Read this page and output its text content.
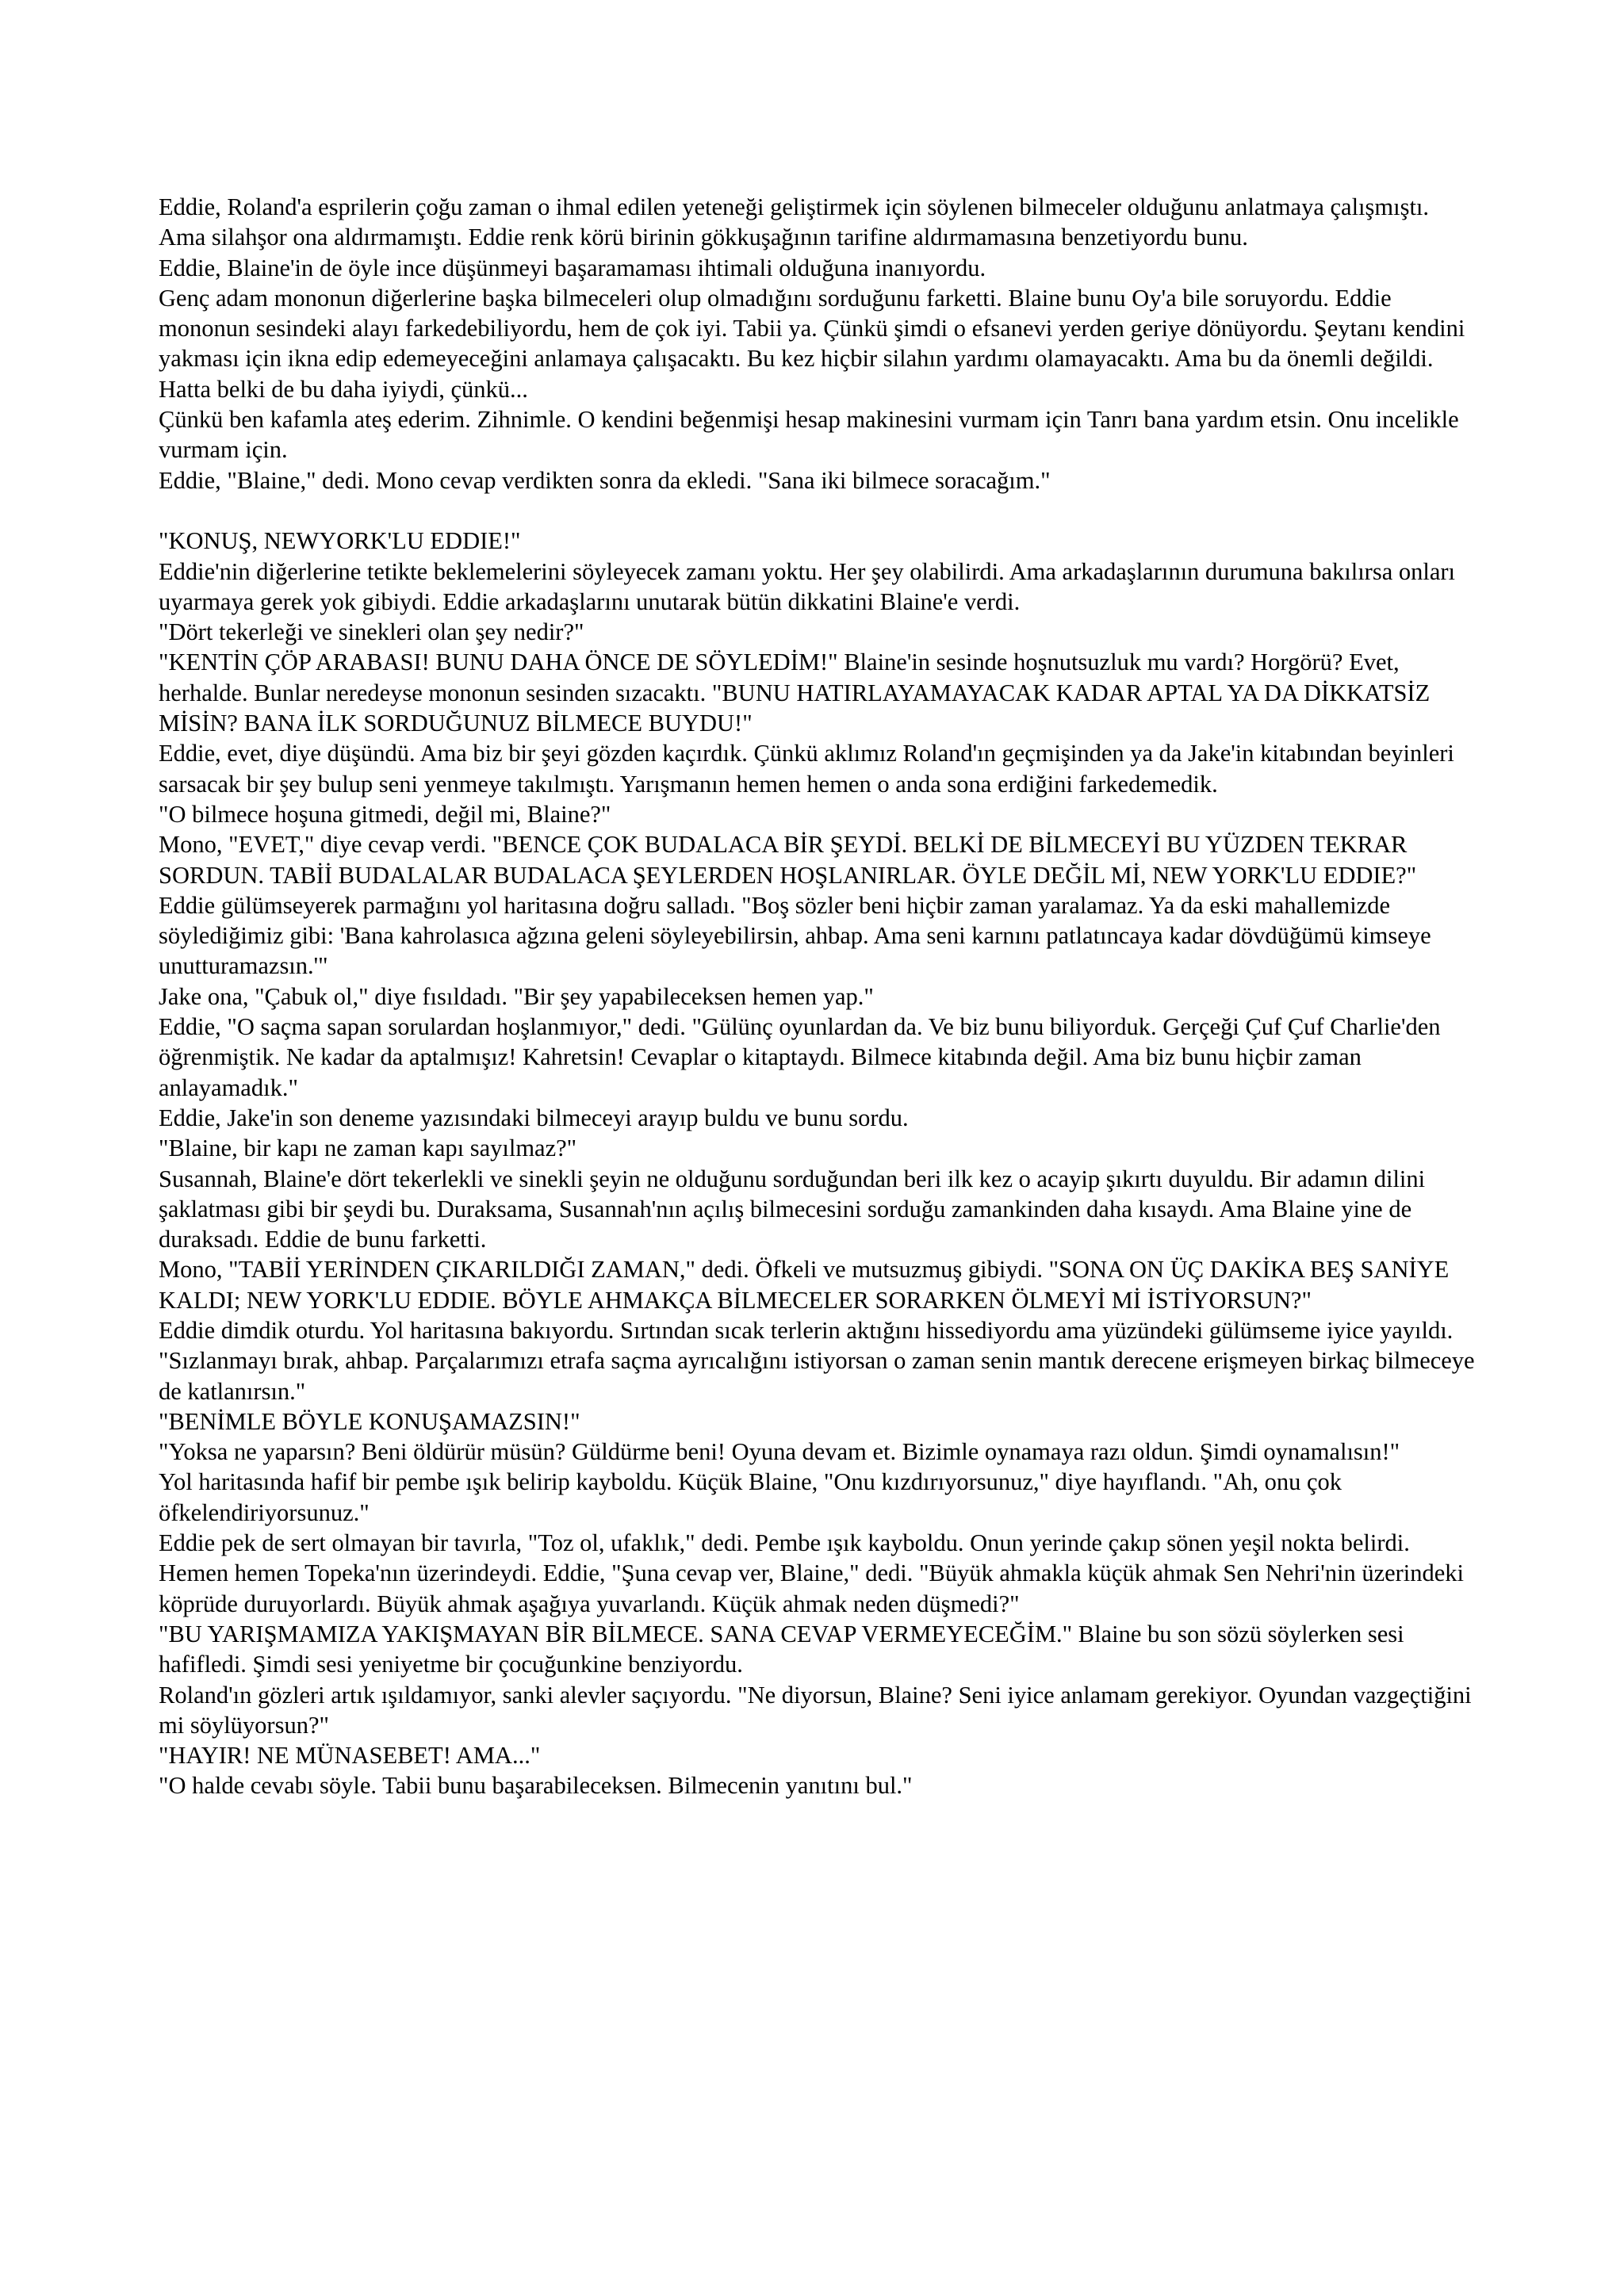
Eddie, Roland'a esprilerin çoğu zaman o ihmal edilen yeteneği geliştirmek için söylenen bilmeceler olduğunu anlatmaya çalışmıştı. Ama silahşor ona aldırmamıştı. Eddie renk körü birinin gökkuşağının tarifine aldırmamasına benzetiyordu bunu.

Eddie, Blaine'in de öyle ince düşünmeyi başaramaması ihtimali olduğuna inanıyordu.

Genç adam mononun diğerlerine başka bilmeceleri olup olmadığını sorduğunu farketti. Blaine bunu Oy'a bile soruyordu. Eddie mononun sesindeki alayı farkedebiliyordu, hem de çok iyi. Tabii ya. Çünkü şimdi o efsanevi yerden geriye dönüyordu. Şeytanı kendini yakması için ikna edip edemeyeceğini anlamaya çalışacaktı. Bu kez hiçbir silahın yardımı olamayacaktı. Ama bu da önemli değildi. Hatta belki de bu daha iyiydi, çünkü...

Çünkü ben kafamla ateş ederim. Zihnimle. O kendini beğenmişi hesap makinesini vurmam için Tanrı bana yardım etsin. Onu incelikle vurmam için.

Eddie, "Blaine," dedi. Mono cevap verdikten sonra da ekledi. "Sana iki bilmece soracağım."

"KONUŞ, NEWYORK'LU EDDIE!"

Eddie'nin diğerlerine tetikte beklemelerini söyleyecek zamanı yoktu. Her şey olabilirdi. Ama arkadaşlarının durumuna bakılırsa onları uyarmaya gerek yok gibiydi. Eddie arkadaşlarını unutarak bütün dikkatini Blaine'e verdi.

"Dört tekerleği ve sinekleri olan şey nedir?"

"KENTİN ÇÖP ARABASI! BUNU DAHA ÖNCE DE SÖYLEDİM!" Blaine'in sesinde hoşnutsuzluk mu vardı? Horgörü? Evet, herhalde. Bunlar neredeyse mononun sesinden sızacaktı. "BUNU HATIRLAYAMAYACAK KADAR APTAL YA DA DİKKATSİZ MİSİN? BANA İLK SORDUĞUNUZ BİLMECE BUYDU!"

Eddie, evet, diye düşündü. Ama biz bir şeyi gözden kaçırdık. Çünkü aklımız Roland'ın geçmişinden ya da Jake'in kitabından beyinleri sarsacak bir şey bulup seni yenmeye takılmıştı. Yarışmanın hemen hemen o anda sona erdiğini farkedemedik.

"O bilmece hoşuna gitmedi, değil mi, Blaine?"

Mono, "EVET," diye cevap verdi. "BENCE ÇOK BUDALACA BİR ŞEYDİ. BELKİ DE BİLMECEYİ BU YÜZDEN TEKRAR SORDUN. TABİİ BUDALALAR BUDALACA ŞEYLERDEN HOŞLANIRLAR. ÖYLE DEĞİL Mİ, NEW YORK'LU EDDIE?"

Eddie gülümseyerek parmağını yol haritasına doğru salladı. "Boş sözler beni hiçbir zaman yaralamaz. Ya da eski mahallemizde söylediğimiz gibi: 'Bana kahrolasıca ağzına geleni söyleyebilirsin, ahbap. Ama seni karnını patlatıncaya kadar dövdüğümü kimseye unutturamazsın.'"

Jake ona, "Çabuk ol," diye fısıldadı. "Bir şey yapabileceksen hemen yap."

Eddie, "O saçma sapan sorulardan hoşlanmıyor," dedi. "Gülünç oyunlardan da. Ve biz bunu biliyorduk. Gerçeği Çuf Çuf Charlie'den öğrenmiştik. Ne kadar da aptalmışız! Kahretsin! Cevaplar o kitaptaydı. Bilmece kitabında değil. Ama biz bunu hiçbir zaman anlayamadık."

Eddie, Jake'in son deneme yazısındaki bilmeceyi arayıp buldu ve bunu sordu.

"Blaine, bir kapı ne zaman kapı sayılmaz?"

Susannah, Blaine'e dört tekerlekli ve sinekli şeyin ne olduğunu sorduğundan beri ilk kez o acayip şıkırtı duyuldu. Bir adamın dilini şaklatması gibi bir şeydi bu. Duraksama, Susannah'nın açılış bilmecesini sorduğu zamankinden daha kısaydı. Ama Blaine yine de duraksadı. Eddie de bunu farketti.

Mono, "TABİİ YERİNDEN ÇIKARILDIĞI ZAMAN," dedi. Öfkeli ve mutsuzmuş gibiydi. "SONA ON ÜÇ DAKİKA BEŞ SANİYE KALDI; NEW YORK'LU EDDIE. BÖYLE AHMAKÇA BİLMECELER SORARKEN ÖLMEYİ Mİ İSTİYORSUN?"

Eddie dimdik oturdu. Yol haritasına bakıyordu. Sırtından sıcak terlerin aktığını hissediyordu ama yüzündeki gülümseme iyice yayıldı.

"Sızlanmayı bırak, ahbap. Parçalarımızı etrafa saçma ayrıcalığını istiyorsan o zaman senin mantık derecene erişmeyen birkaç bilmeceye de katlanırsın."

"BENİMLE BÖYLE KONUŞAMAZSIN!"

"Yoksa ne yaparsın? Beni öldürür müsün? Güldürme beni! Oyuna devam et. Bizimle oynamaya razı oldun. Şimdi oynamalısın!"

Yol haritasında hafif bir pembe ışık belirip kayboldu. Küçük Blaine, "Onu kızdırıyorsunuz," diye hayıflandı. "Ah, onu çok öfkelendiriyorsunuz."

Eddie pek de sert olmayan bir tavırla, "Toz ol, ufaklık," dedi. Pembe ışık kayboldu. Onun yerinde çakıp sönen yeşil nokta belirdi. Hemen hemen Topeka'nın üzerindeydi. Eddie, "Şuna cevap ver, Blaine," dedi. "Büyük ahmakla küçük ahmak Sen Nehri'nin üzerindeki köprüde duruyorlardı. Büyük ahmak aşağıya yuvarlandı. Küçük ahmak neden düşmedi?"

"BU YARIŞMAMIZA YAKIŞMAYAN BİR BİLMECE. SANA CEVAP VERMEYECEĞİM." Blaine bu son sözü söylerken sesi hafifledi. Şimdi sesi yeniyetme bir çocuğunkine benziyordu.

Roland'ın gözleri artık ışıldamıyor, sanki alevler saçıyordu. "Ne diyorsun, Blaine? Seni iyice anlamam gerekiyor. Oyundan vazgeçtiğini mi söylüyorsun?"

"HAYIR! NE MÜNASEBET! AMA..."

"O halde cevabı söyle. Tabii bunu başarabileceksen. Bilmecenin yanıtını bul."
